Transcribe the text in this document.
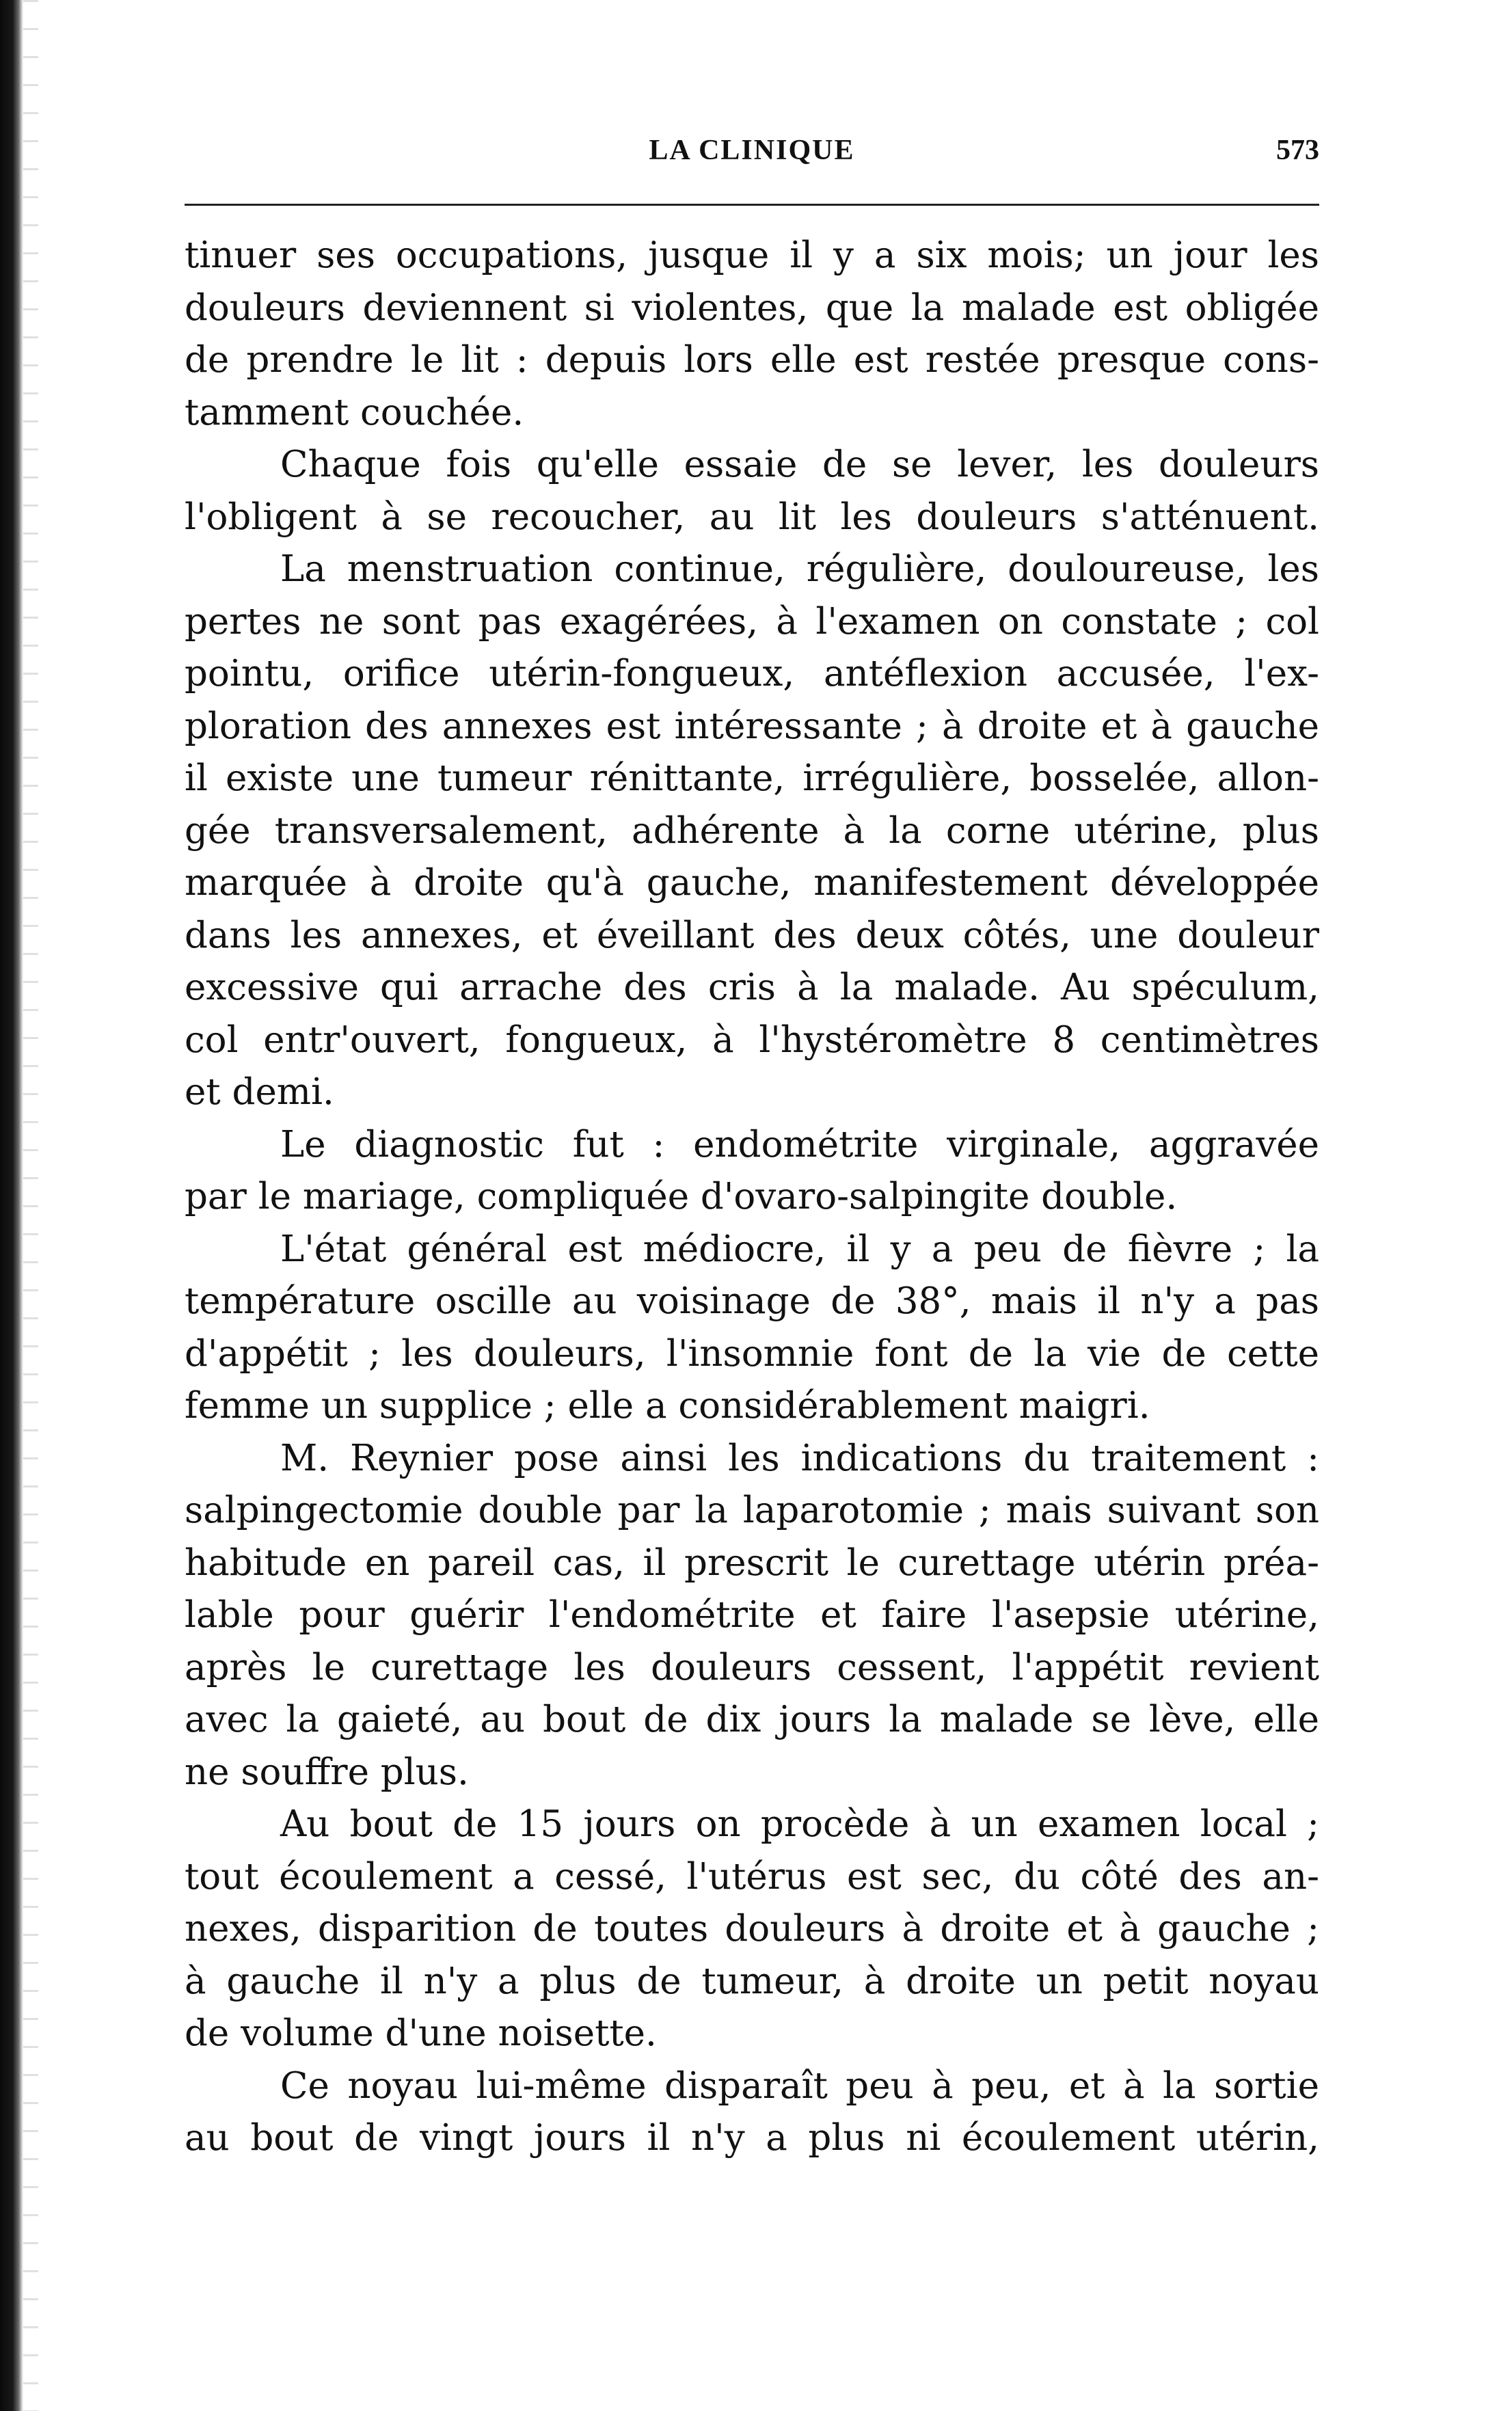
LA CLINIQUE	573
tinuer ses occupations, jusque il y a six mois; un jour les
douleurs deviennent si violentes, que la malade est obligée
de prendre le lit : depuis lors elle est restée presque cons-
tamment couchée.
Chaque fois qu'elle essaie de se lever, les douleurs
l'obligent à se recoucher, au lit les douleurs s'atténuent.
La menstruation continue, régulière, douloureuse, les
pertes ne sont pas exagérées, à l'examen on constate ; col
pointu, orifice utérin-fongueux, antéflexion accusée, l'ex-
ploration des annexes est intéressante ; à droite et à gauche
il existe une tumeur rénittante, irrégulière, bosselée, allon-
gée transversalement, adhérente à la corne utérine, plus
marquée à droite qu'à gauche, manifestement développée
dans les annexes, et éveillant des deux côtés, une douleur
excessive qui arrache des cris à la malade. Au spéculum,
col entr'ouvert, fongueux, à l'hystéromètre 8 centimètres
et demi.
Le diagnostic fut : endométrite virginale, aggravée
par le mariage, compliquée d'ovaro-salpingite double.
L'état général est médiocre, il y a peu de fièvre ; la
température oscille au voisinage de 38°, mais il n'y a pas
d'appétit ; les douleurs, l'insomnie font de la vie de cette
femme un supplice ; elle a considérablement maigri.
M. Reynier pose ainsi les indications du traitement :
salpingectomie double par la laparotomie ; mais suivant son
habitude en pareil cas, il prescrit le curettage utérin préa-
lable pour guérir l'endométrite et faire l'asepsie utérine,
après le curettage les douleurs cessent, l'appétit revient
avec la gaieté, au bout de dix jours la malade se lève, elle
ne souffre plus.
Au bout de 15 jours on procède à un examen local ;
tout écoulement a cessé, l'utérus est sec, du côté des an-
nexes, disparition de toutes douleurs à droite et à gauche ;
à gauche il n'y a plus de tumeur, à droite un petit noyau
de volume d'une noisette.
Ce noyau lui-même disparaît peu à peu, et à la sortie
au bout de vingt jours il n'y a plus ni écoulement utérin,
